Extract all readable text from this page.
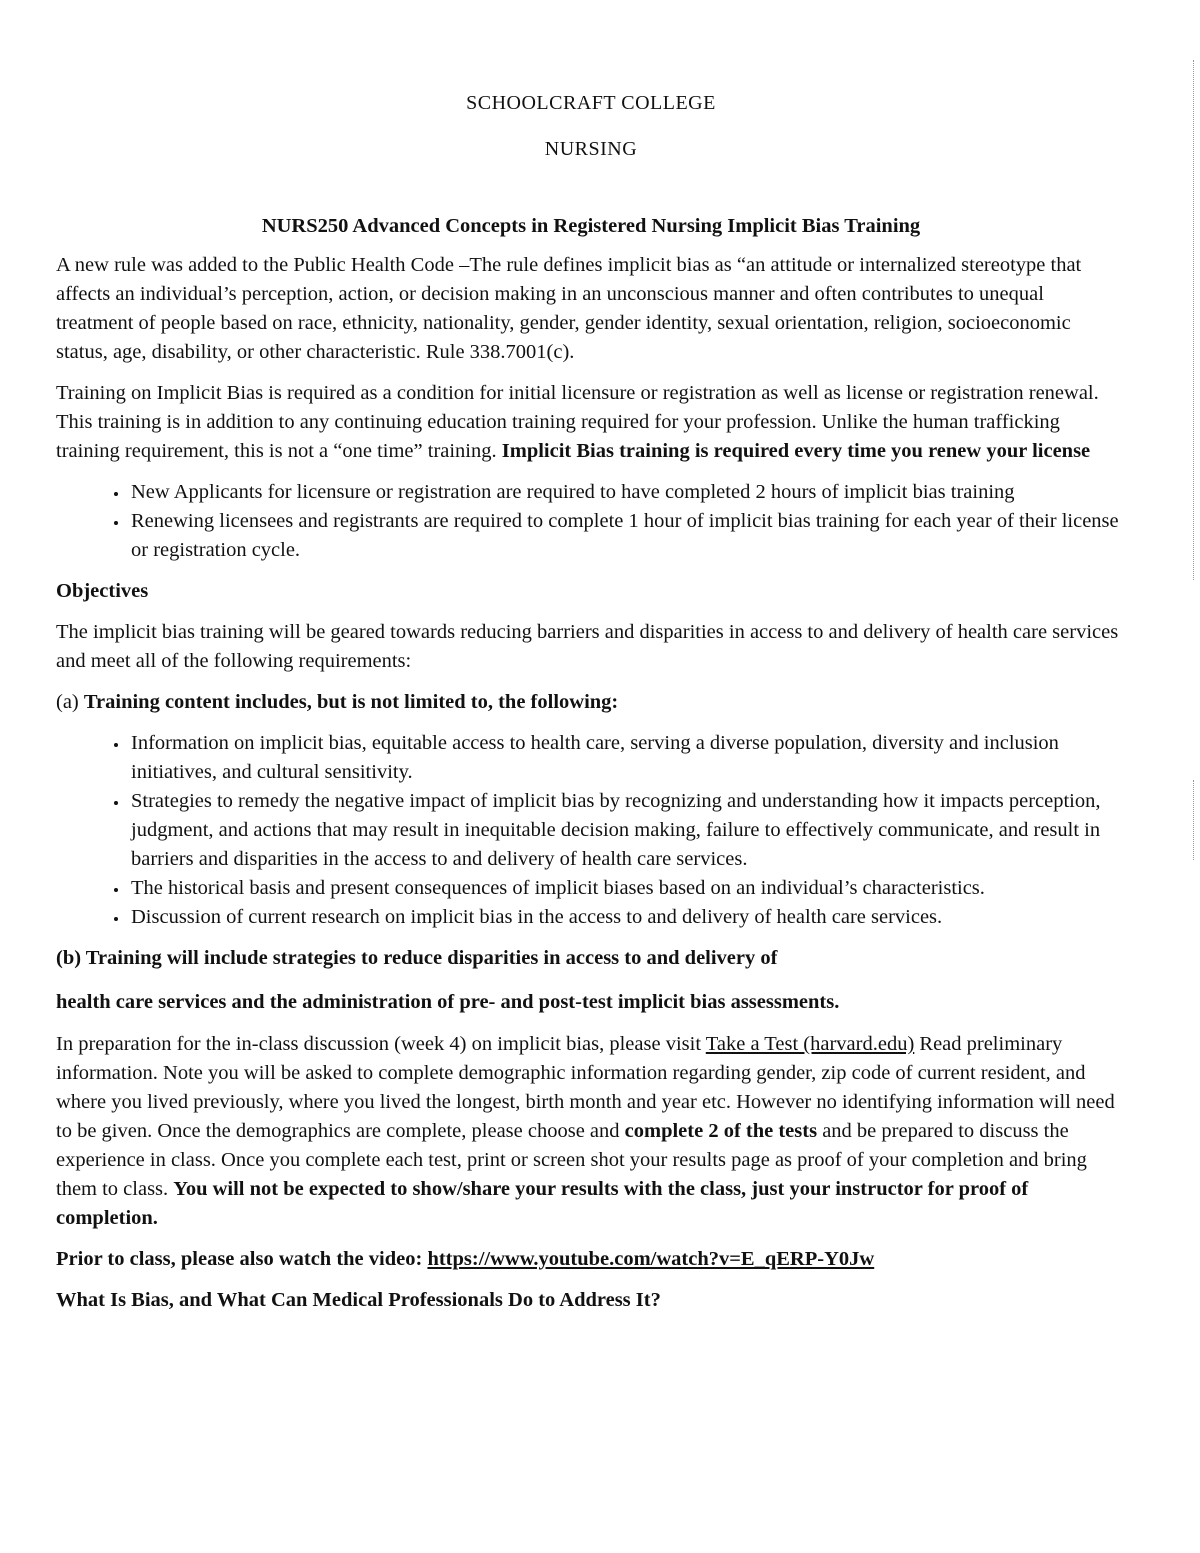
SCHOOLCRAFT COLLEGE
NURSING
NURS250 Advanced Concepts in Registered Nursing Implicit Bias Training

A new rule was added to the Public Health Code –The rule defines implicit bias as “an attitude or internalized stereotype that affects an individual’s perception, action, or decision making in an unconscious manner and often contributes to unequal treatment of people based on race, ethnicity, nationality, gender, gender identity, sexual orientation, religion, socioeconomic status, age, disability, or other characteristic. Rule 338.7001(c).

Training on Implicit Bias is required as a condition for initial licensure or registration as well as license or registration renewal. This training is in addition to any continuing education training required for your profession. Unlike the human trafficking training requirement, this is not a “one time” training. Implicit Bias training is required every time you renew your license

• New Applicants for licensure or registration are required to have completed 2 hours of implicit bias training
• Renewing licensees and registrants are required to complete 1 hour of implicit bias training for each year of their license or registration cycle.

Objectives

The implicit bias training will be geared towards reducing barriers and disparities in access to and delivery of health care services and meet all of the following requirements:

(a) Training content includes, but is not limited to, the following:

• Information on implicit bias, equitable access to health care, serving a diverse population, diversity and inclusion initiatives, and cultural sensitivity.
• Strategies to remedy the negative impact of implicit bias by recognizing and understanding how it impacts perception, judgment, and actions that may result in inequitable decision making, failure to effectively communicate, and result in barriers and disparities in the access to and delivery of health care services.
• The historical basis and present consequences of implicit biases based on an individual’s characteristics.
• Discussion of current research on implicit bias in the access to and delivery of health care services.

(b) Training will include strategies to reduce disparities in access to and delivery of

health care services and the administration of pre- and post-test implicit bias assessments.

In preparation for the in-class discussion (week 4) on implicit bias, please visit Take a Test (harvard.edu) Read preliminary information. Note you will be asked to complete demographic information regarding gender, zip code of current resident, and where you lived previously, where you lived the longest, birth month and year etc. However no identifying information will need to be given. Once the demographics are complete, please choose and complete 2 of the tests and be prepared to discuss the experience in class. Once you complete each test, print or screen shot your results page as proof of your completion and bring them to class. You will not be expected to show/share your results with the class, just your instructor for proof of completion.

Prior to class, please also watch the video: https://www.youtube.com/watch?v=E_qERP-Y0Jw

What Is Bias, and What Can Medical Professionals Do to Address It?
